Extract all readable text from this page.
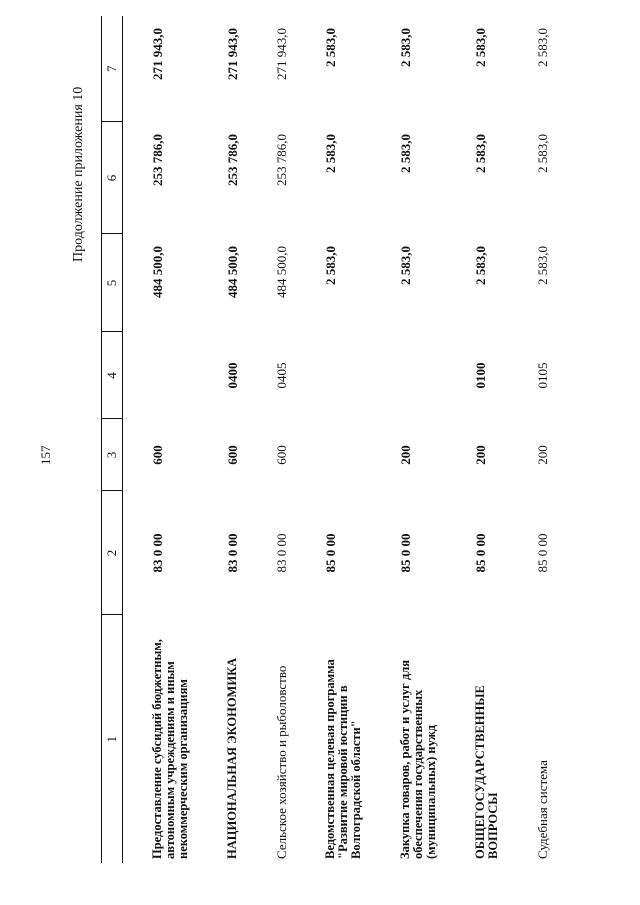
157
Продолжение приложения 10
1	2	3	4	5	6	7
Предоставление субсидий бюджетным, автономным учреждениям и иным некоммерческим организациям	83 0 00	600		484 500,0	253 786,0	271 943,0
НАЦИОНАЛЬНАЯ ЭКОНОМИКА	83 0 00	600	0400	484 500,0	253 786,0	271 943,0
Сельское хозяйство и рыболовство	83 0 00	600	0405	484 500,0	253 786,0	271 943,0
Ведомственная целевая программа "Развитие мировой юстиции в Волгоградской области"	85 0 00			2 583,0	2 583,0	2 583,0
Закупка товаров, работ и услуг для обеспечения государственных (муниципальных) нужд	85 0 00	200		2 583,0	2 583,0	2 583,0
ОБЩЕГОСУДАРСТВЕННЫЕ ВОПРОСЫ	85 0 00	200	0100	2 583,0	2 583,0	2 583,0
Судебная система	85 0 00	200	0105	2 583,0	2 583,0	2 583,0
